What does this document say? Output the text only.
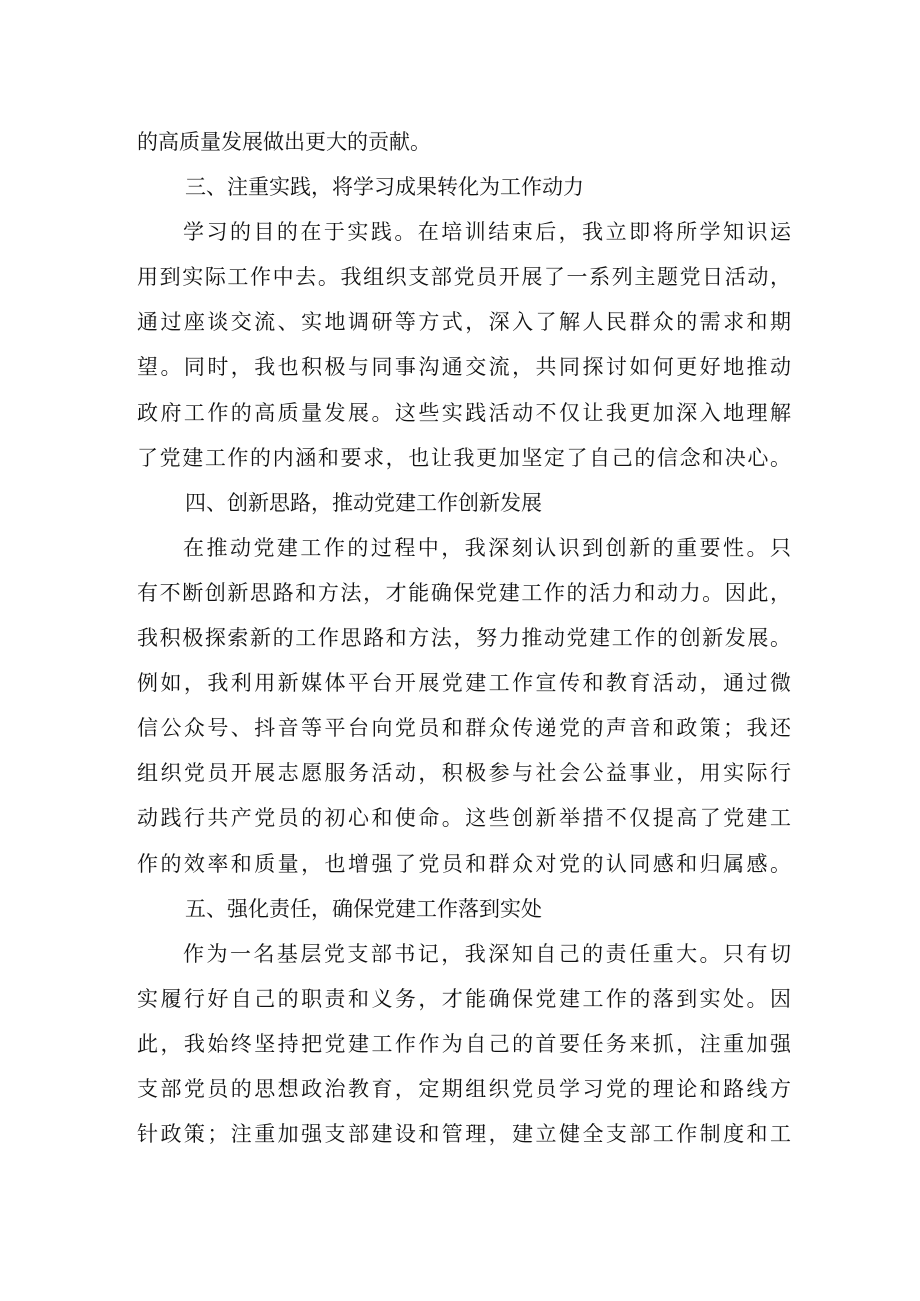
的高质量发展做出更大的贡献。
三、注重实践，将学习成果转化为工作动力
学习的目的在于实践。在培训结束后，我立即将所学知识运
用到实际工作中去。我组织支部党员开展了一系列主题党日活动，
通过座谈交流、实地调研等方式，深入了解人民群众的需求和期
望。同时，我也积极与同事沟通交流，共同探讨如何更好地推动
政府工作的高质量发展。这些实践活动不仅让我更加深入地理解
了党建工作的内涵和要求，也让我更加坚定了自己的信念和决心。
四、创新思路，推动党建工作创新发展
在推动党建工作的过程中，我深刻认识到创新的重要性。只
有不断创新思路和方法，才能确保党建工作的活力和动力。因此，
我积极探索新的工作思路和方法，努力推动党建工作的创新发展。
例如，我利用新媒体平台开展党建工作宣传和教育活动，通过微
信公众号、抖音等平台向党员和群众传递党的声音和政策；我还
组织党员开展志愿服务活动，积极参与社会公益事业，用实际行
动践行共产党员的初心和使命。这些创新举措不仅提高了党建工
作的效率和质量，也增强了党员和群众对党的认同感和归属感。
五、强化责任，确保党建工作落到实处
作为一名基层党支部书记，我深知自己的责任重大。只有切
实履行好自己的职责和义务，才能确保党建工作的落到实处。因
此，我始终坚持把党建工作作为自己的首要任务来抓，注重加强
支部党员的思想政治教育，定期组织党员学习党的理论和路线方
针政策；注重加强支部建设和管理，建立健全支部工作制度和工
